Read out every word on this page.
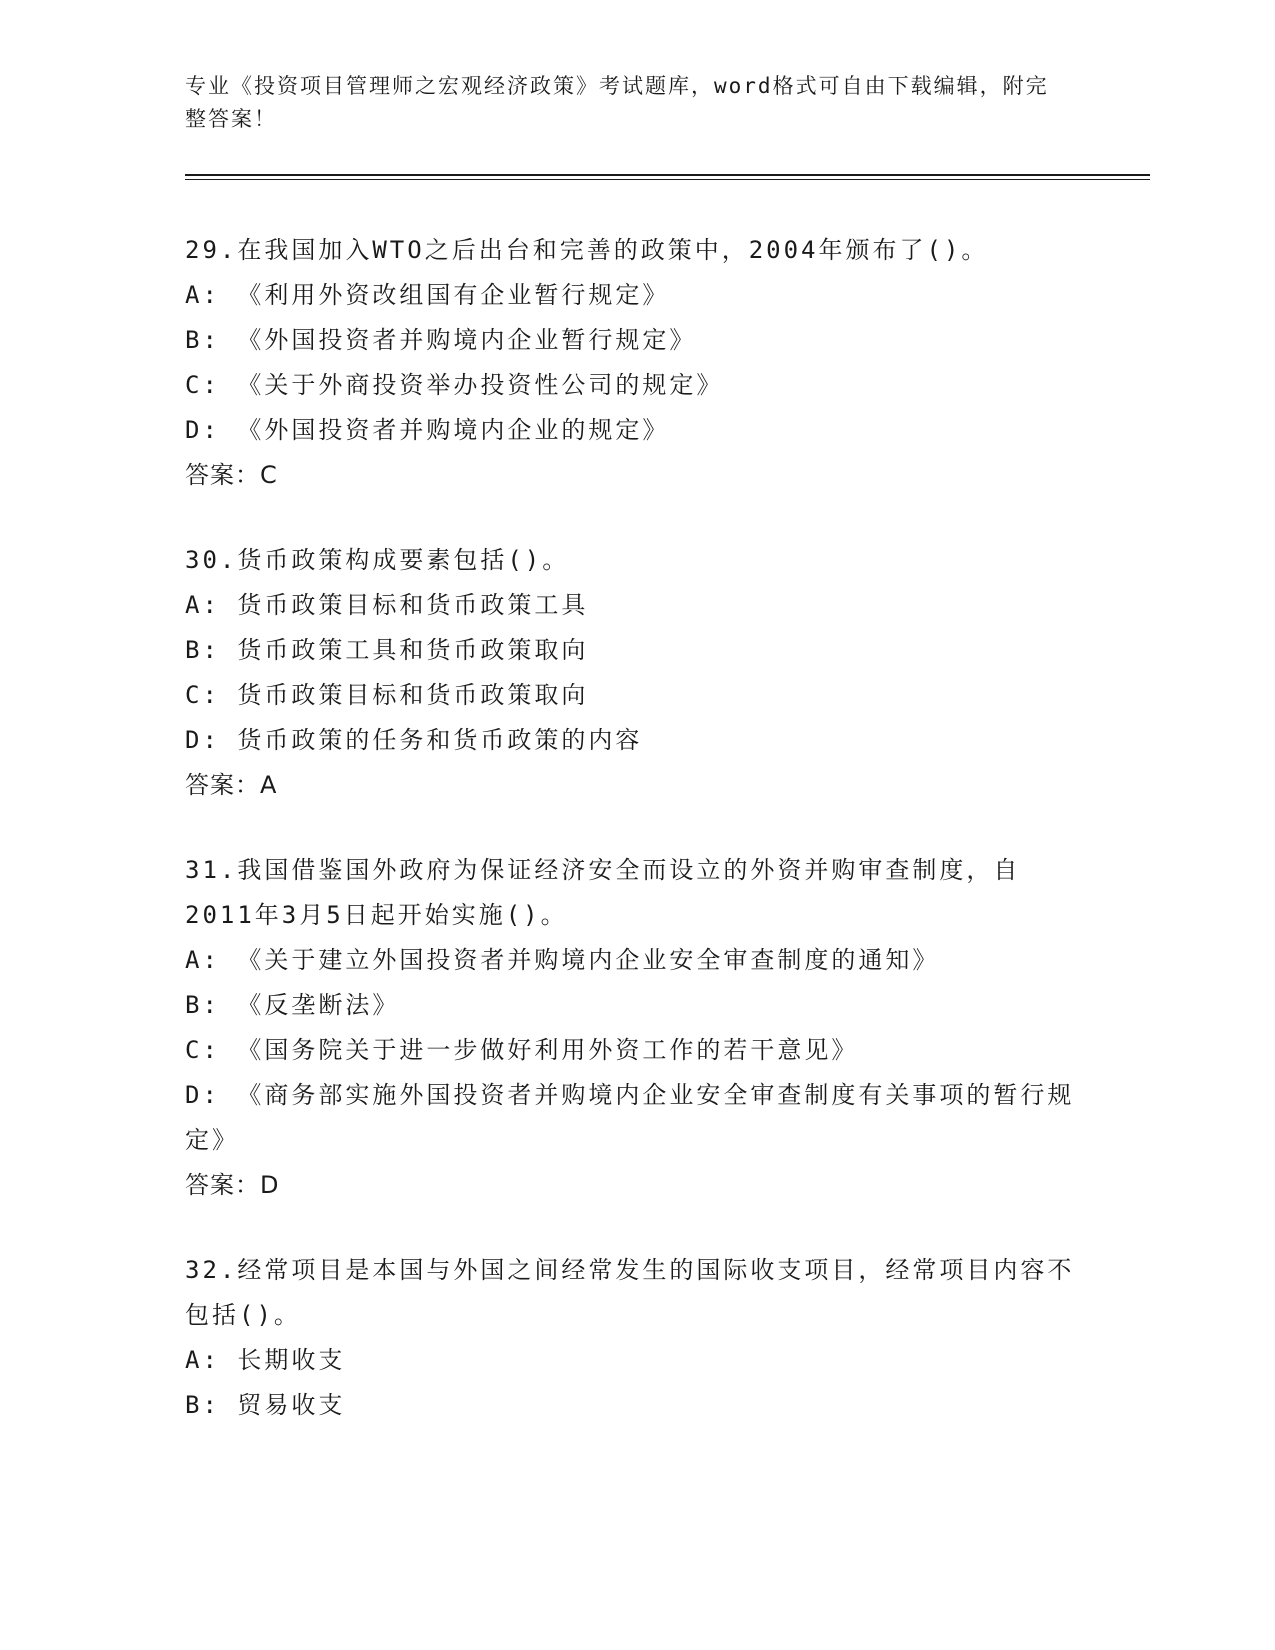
专业《投资项目管理师之宏观经济政策》考试题库，word格式可自由下载编辑，附完整答案！

29.在我国加入WTO之后出台和完善的政策中，2004年颁布了()。

A: 《利用外资改组国有企业暂行规定》

B: 《外国投资者并购境内企业暂行规定》

C: 《关于外商投资举办投资性公司的规定》

D: 《外国投资者并购境内企业的规定》

答案：C

30.货币政策构成要素包括()。

A: 货币政策目标和货币政策工具

B: 货币政策工具和货币政策取向

C: 货币政策目标和货币政策取向

D: 货币政策的任务和货币政策的内容

答案：A

31.我国借鉴国外政府为保证经济安全而设立的外资并购审查制度，自2011年3月5日起开始实施()。

A: 《关于建立外国投资者并购境内企业安全审查制度的通知》

B: 《反垄断法》

C: 《国务院关于进一步做好利用外资工作的若干意见》

D: 《商务部实施外国投资者并购境内企业安全审查制度有关事项的暂行规定》

答案：D

32.经常项目是本国与外国之间经常发生的国际收支项目，经常项目内容不包括()。

A: 长期收支

B: 贸易收支
